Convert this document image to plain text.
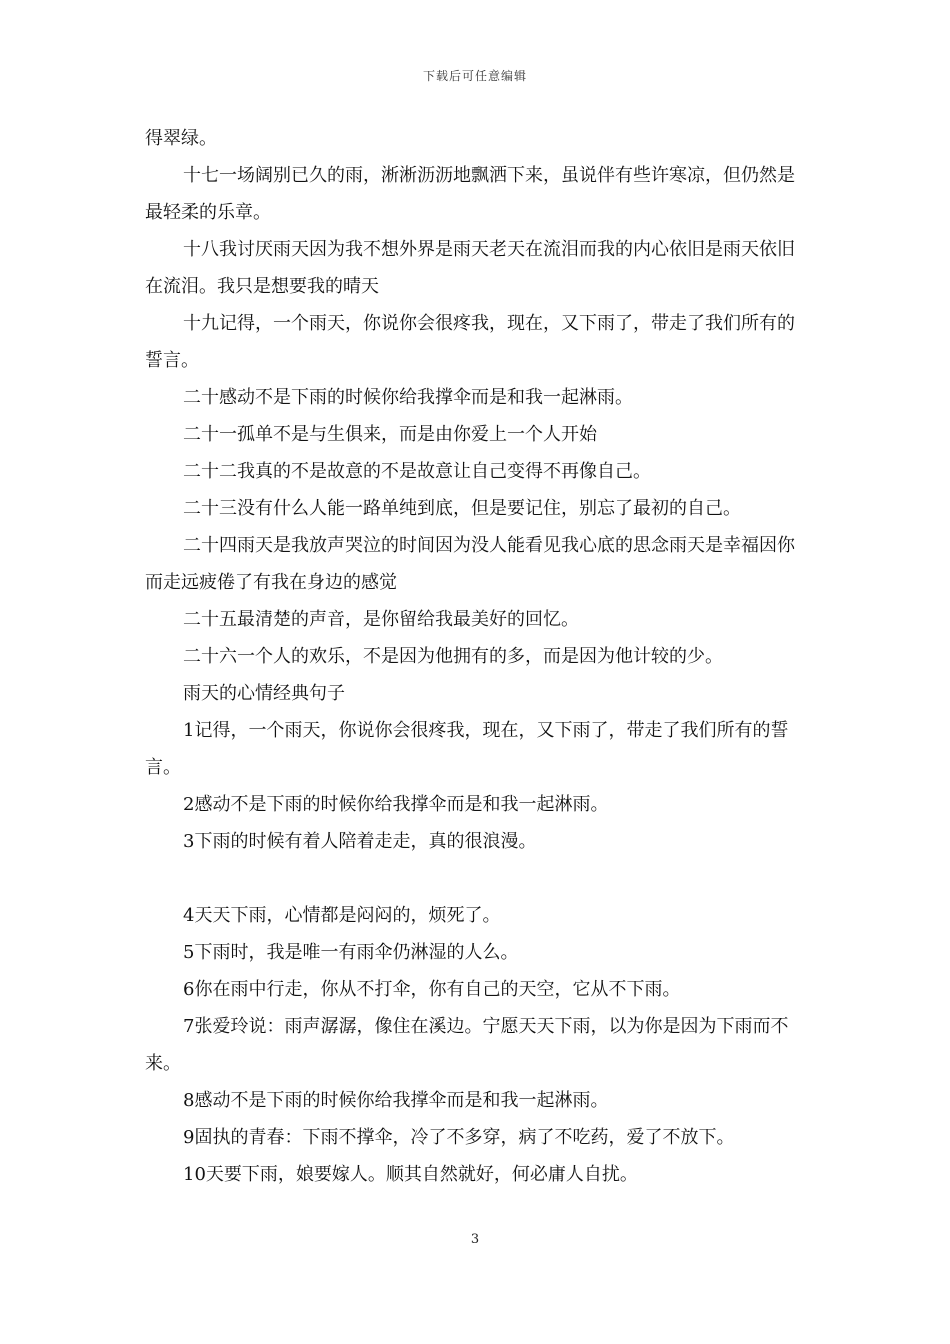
下载后可任意编辑

得翠绿。

十七一场阔别已久的雨，淅淅沥沥地飘洒下来，虽说伴有些许寒凉，但仍然是最轻柔的乐章。

十八我讨厌雨天因为我不想外界是雨天老天在流泪而我的内心依旧是雨天依旧在流泪。我只是想要我的晴天

十九记得，一个雨天，你说你会很疼我，现在，又下雨了，带走了我们所有的誓言。

二十感动不是下雨的时候你给我撑伞而是和我一起淋雨。

二十一孤单不是与生俱来，而是由你爱上一个人开始

二十二我真的不是故意的不是故意让自己变得不再像自己。

二十三没有什么人能一路单纯到底，但是要记住，别忘了最初的自己。

二十四雨天是我放声哭泣的时间因为没人能看见我心底的思念雨天是幸福因你而走远疲倦了有我在身边的感觉

二十五最清楚的声音，是你留给我最美好的回忆。

二十六一个人的欢乐，不是因为他拥有的多，而是因为他计较的少。

雨天的心情经典句子

1记得，一个雨天，你说你会很疼我，现在，又下雨了，带走了我们所有的誓言。

2感动不是下雨的时候你给我撑伞而是和我一起淋雨。

3下雨的时候有着人陪着走走，真的很浪漫。

4天天下雨，心情都是闷闷的，烦死了。

5下雨时，我是唯一有雨伞仍淋湿的人么。

6你在雨中行走，你从不打伞，你有自己的天空，它从不下雨。

7张爱玲说：雨声潺潺，像住在溪边。宁愿天天下雨，以为你是因为下雨而不来。

8感动不是下雨的时候你给我撑伞而是和我一起淋雨。

9固执的青春：下雨不撑伞，冷了不多穿，病了不吃药，爱了不放下。

10天要下雨，娘要嫁人。顺其自然就好，何必庸人自扰。

3
